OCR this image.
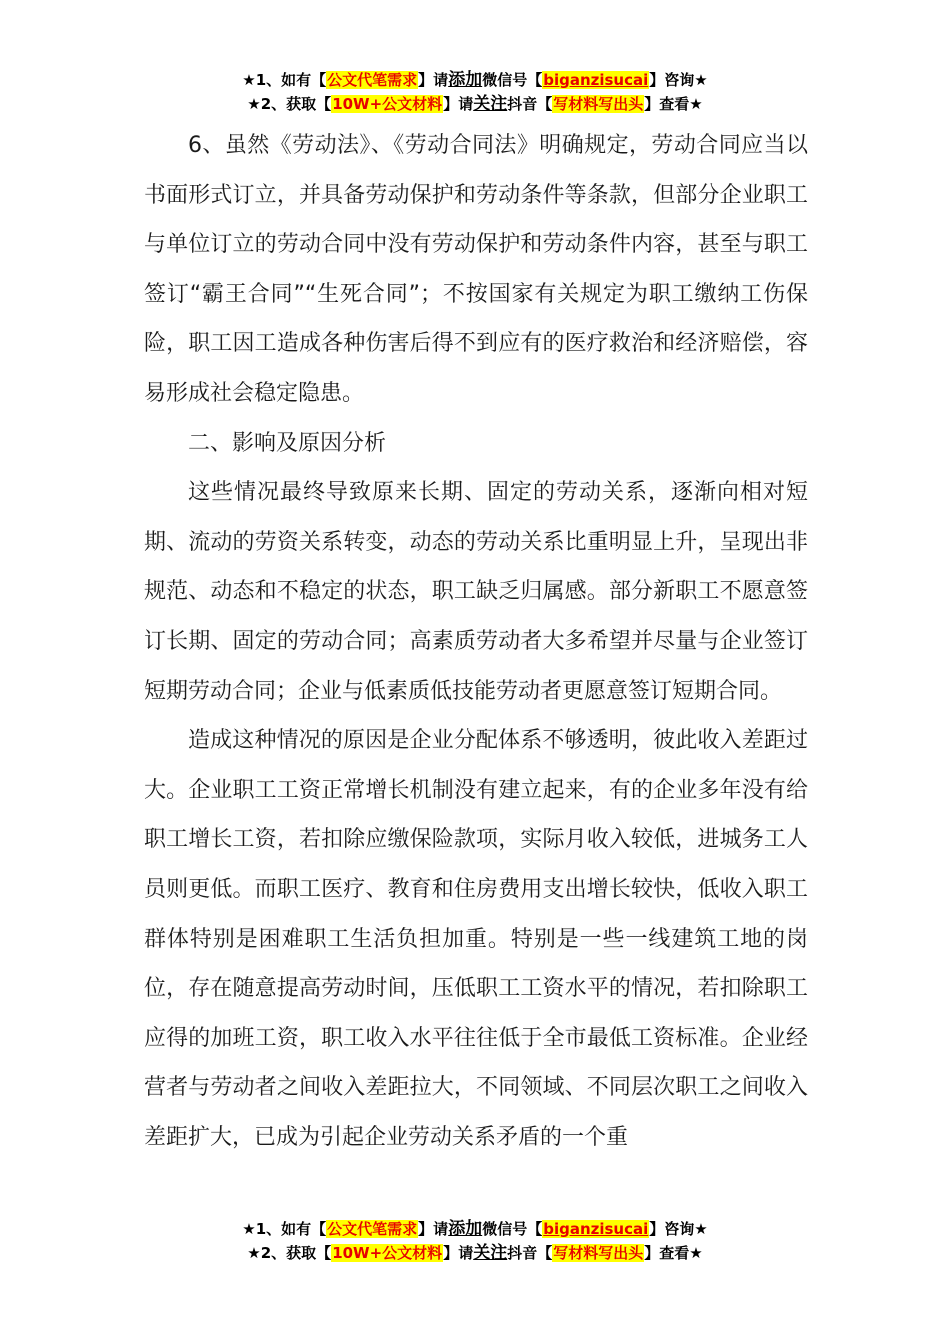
★1、如有【公文代笔需求】请添加微信号【biganzisucai】咨询★
★2、获取【10W+公文材料】请关注抖音【写材料写出头】查看★

6、虽然《劳动法》、《劳动合同法》明确规定，劳动合同应当以书面形式订立，并具备劳动保护和劳动条件等条款，但部分企业职工与单位订立的劳动合同中没有劳动保护和劳动条件内容，甚至与职工签订“霸王合同”“生死合同”；不按国家有关规定为职工缴纳工伤保险，职工因工造成各种伤害后得不到应有的医疗救治和经济赔偿，容易形成社会稳定隐患。

二、影响及原因分析

这些情况最终导致原来长期、固定的劳动关系，逐渐向相对短期、流动的劳资关系转变，动态的劳动关系比重明显上升，呈现出非规范、动态和不稳定的状态，职工缺乏归属感。部分新职工不愿意签订长期、固定的劳动合同；高素质劳动者大多希望并尽量与企业签订短期劳动合同；企业与低素质低技能劳动者更愿意签订短期合同。

造成这种情况的原因是企业分配体系不够透明，彼此收入差距过大。企业职工工资正常增长机制没有建立起来，有的企业多年没有给职工增长工资，若扣除应缴保险款项，实际月收入较低，进城务工人员则更低。而职工医疗、教育和住房费用支出增长较快，低收入职工群体特别是困难职工生活负担加重。特别是一些一线建筑工地的岗位，存在随意提高劳动时间，压低职工工资水平的情况，若扣除职工应得的加班工资，职工收入水平往往低于全市最低工资标准。企业经营者与劳动者之间收入差距拉大，不同领域、不同层次职工之间收入差距扩大，已成为引起企业劳动关系矛盾的一个重

★1、如有【公文代笔需求】请添加微信号【biganzisucai】咨询★
★2、获取【10W+公文材料】请关注抖音【写材料写出头】查看★
